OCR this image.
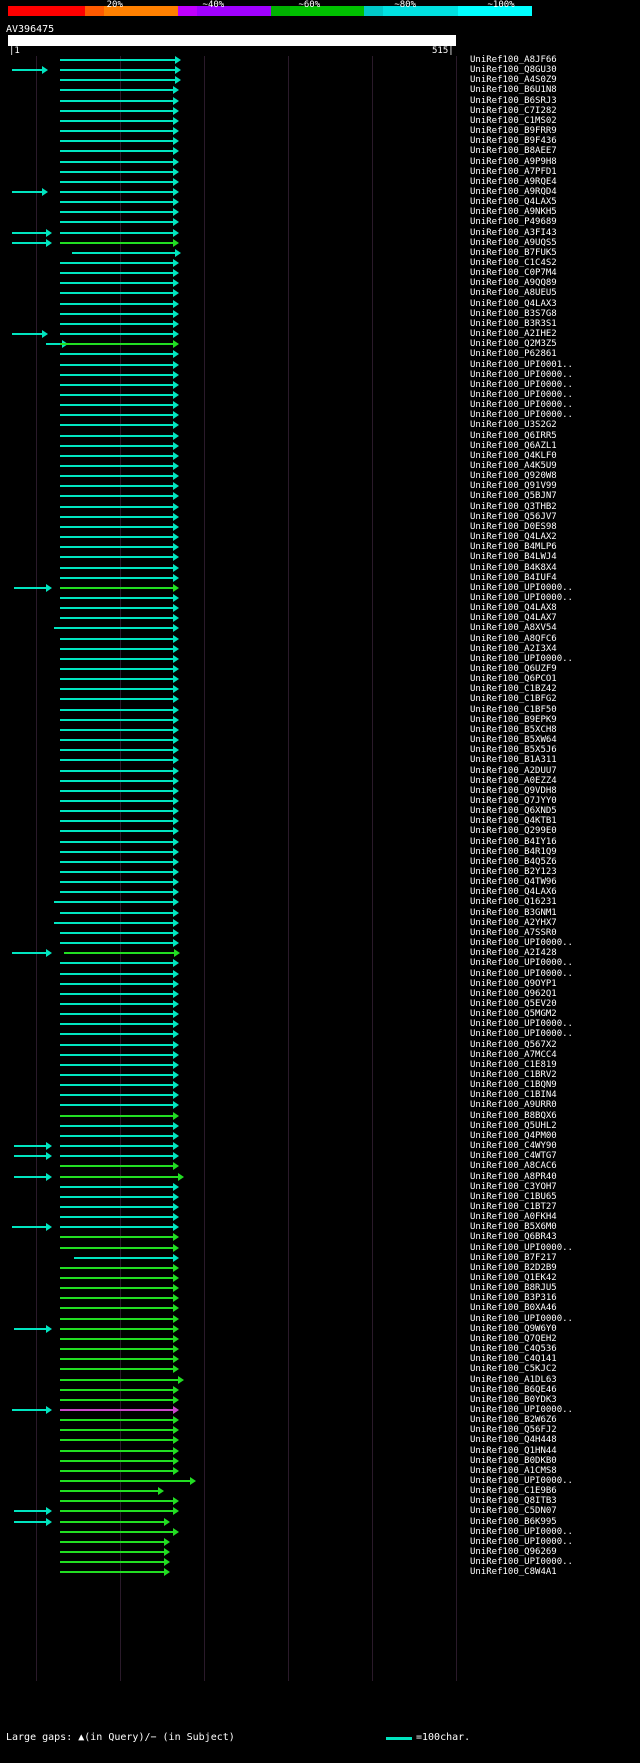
20%	~40%	~60%	~80%	~100%
AV396475
|1	515|
UniRef100_A8JF66
UniRef100_Q8GU30
UniRef100_A4S0Z9
UniRef100_B6U1N8
UniRef100_B6SRJ3
UniRef100_C7I282
UniRef100_C1MS02
UniRef100_B9FRR9
UniRef100_B9F436
UniRef100_B8AEE7
UniRef100_A9P9H8
UniRef100_A7PFD1
UniRef100_A9RQE4
UniRef100_A9RQD4
UniRef100_Q4LAX5
UniRef100_A9NKH5
UniRef100_P49689
UniRef100_A3FI43
UniRef100_A9UQS5
UniRef100_B7FUK5
UniRef100_C1C4S2
UniRef100_C0P7M4
UniRef100_A9QQ89
UniRef100_A8UEU5
UniRef100_Q4LAX3
UniRef100_B3S7G8
UniRef100_B3R3S1
UniRef100_A2IHE2
UniRef100_Q2M3Z5
UniRef100_P62861
UniRef100_UPI0001..
UniRef100_UPI0000..
UniRef100_UPI0000..
UniRef100_UPI0000..
UniRef100_UPI0000..
UniRef100_UPI0000..
UniRef100_U3S2G2
UniRef100_Q6IRR5
UniRef100_Q6AZL1
UniRef100_Q4KLF0
UniRef100_A4K5U9
UniRef100_Q920W8
UniRef100_Q91V99
UniRef100_Q5BJN7
UniRef100_Q3THB2
UniRef100_Q56JV7
UniRef100_D0ES98
UniRef100_Q4LAX2
UniRef100_B4MLP6
UniRef100_B4LWJ4
UniRef100_B4K8X4
UniRef100_B4IUF4
UniRef100_UPI0000..
UniRef100_UPI0000..
UniRef100_Q4LAX8
UniRef100_Q4LAX7
UniRef100_A8XV54
UniRef100_A8QFC6
UniRef100_A2I3X4
UniRef100_UPI0000..
UniRef100_Q6UZF9
UniRef100_Q6PCO1
UniRef100_C1BZ42
UniRef100_C1BFG2
UniRef100_C1BF50
UniRef100_B9EPK9
UniRef100_B5XCH8
UniRef100_B5XW64
UniRef100_B5X5J6
UniRef100_B1A311
UniRef100_A2DUU7
UniRef100_A0EZZ4
UniRef100_Q9VDH8
UniRef100_Q7JYY0
UniRef100_Q6XND5
UniRef100_Q4KTB1
UniRef100_Q299E0
UniRef100_B4IY16
UniRef100_B4R1Q9
UniRef100_B4Q5Z6
UniRef100_B2Y123
UniRef100_Q4TW96
UniRef100_Q4LAX6
UniRef100_Q16231
UniRef100_B3GNM1
UniRef100_A2YHX7
UniRef100_A7SSR0
UniRef100_UPI0000..
UniRef100_A2I428
UniRef100_UPI0000..
UniRef100_UPI0000..
UniRef100_Q9OYP1
UniRef100_Q962Q1
UniRef100_Q5EV20
UniRef100_Q5MGM2
UniRef100_UPI0000..
UniRef100_UPI0000..
UniRef100_Q567X2
UniRef100_A7MCC4
UniRef100_C1E819
UniRef100_C1BRV2
UniRef100_C1BQN9
UniRef100_C1BIN4
UniRef100_A9URR0
UniRef100_B8BQX6
UniRef100_Q5UHL2
UniRef100_Q4PM00
UniRef100_C4WY90
UniRef100_C4WTG7
UniRef100_A8CAC6
UniRef100_A8PR40
UniRef100_C3YOH7
UniRef100_C1BU65
UniRef100_C1BT27
UniRef100_A0FKH4
UniRef100_B5X6M0
UniRef100_Q6BR43
UniRef100_UPI0000..
UniRef100_B7F217
UniRef100_B2D2B9
UniRef100_Q1EK42
UniRef100_B8RJU5
UniRef100_B3P316
UniRef100_B0XA46
UniRef100_UPI0000..
UniRef100_Q9W6Y0
UniRef100_Q7QEH2
UniRef100_C4Q536
UniRef100_C4Q141
UniRef100_C5KJC2
UniRef100_A1DL63
UniRef100_B6QE46
UniRef100_B0YDK3
UniRef100_UPI0000..
UniRef100_B2W6Z6
UniRef100_Q56FJ2
UniRef100_Q4H448
UniRef100_Q1HN44
UniRef100_B0DKB0
UniRef100_A1CMS8
UniRef100_UPI0000..
UniRef100_C1E9B6
UniRef100_Q8ITB3
UniRef100_C5DN07
UniRef100_B6K995
UniRef100_UPI0000..
UniRef100_UPI0000..
UniRef100_Q96269
UniRef100_UPI0000..
UniRef100_C8W4A1
Large gaps: ▲(in Query)/− (in Subject)	=100char.
